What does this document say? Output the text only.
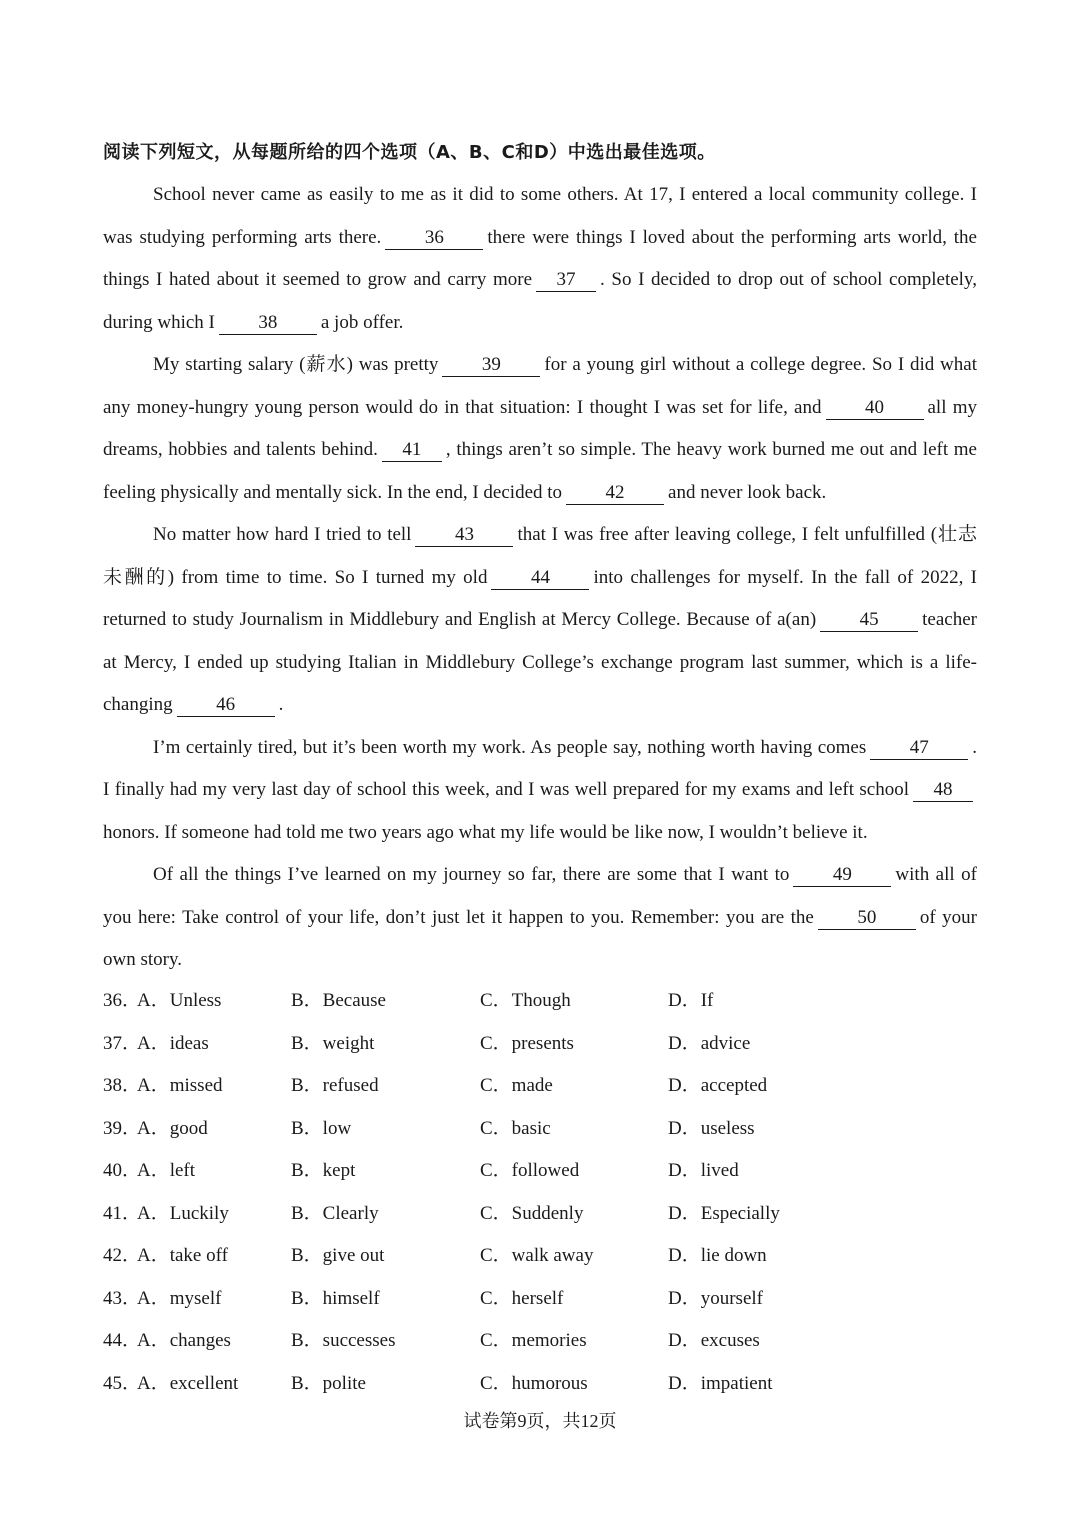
阅读下列短文，从每题所给的四个选项（A、B、C和D）中选出最佳选项。

School never came as easily to me as it did to some others. At 17, I entered a local community college. I was studying performing arts there. 36 there were things I loved about the performing arts world, the things I hated about it seemed to grow and carry more 37 . So I decided to drop out of school completely, during which I 38 a job offer.

My starting salary (薪水) was pretty 39 for a young girl without a college degree. So I did what any money-hungry young person would do in that situation: I thought I was set for life, and 40 all my dreams, hobbies and talents behind. 41 , things aren’t so simple. The heavy work burned me out and left me feeling physically and mentally sick. In the end, I decided to 42 and never look back.

No matter how hard I tried to tell 43 that I was free after leaving college, I felt unfulfilled (壮志未酬的) from time to time. So I turned my old 44 into challenges for myself. In the fall of 2022, I returned to study Journalism in Middlebury and English at Mercy College. Because of a(an) 45 teacher at Mercy, I ended up studying Italian in Middlebury College’s exchange program last summer, which is a life-changing 46 .

I’m certainly tired, but it’s been worth my work. As people say, nothing worth having comes 47 . I finally had my very last day of school this week, and I was well prepared for my exams and left school 48honors. If someone had told me two years ago what my life would be like now, I wouldn’t believe it.

Of all the things I’ve learned on my journey so far, there are some that I want to 49 with all of you here: Take control of your life, don’t just let it happen to you. Remember: you are the 50 of your own story.

36．
A．Unless	B．Because	C．Though	D．If
37．
A．ideas	B．weight	C．presents	D．advice
38．
A．missed	B．refused	C．made	D．accepted
39．
A．good	B．low	C．basic	D．useless
40．
A．left	B．kept	C．followed	D．lived
41．
A．Luckily	B．Clearly	C．Suddenly	D．Especially
42．
A．take off	B．give out	C．walk away	D．lie down
43．
A．myself	B．himself	C．herself	D．yourself
44．
A．changes	B．successes	C．memories	D．excuses
45．
A．excellent	B．polite	C．humorous	D．impatient
试卷第9页，共12页
